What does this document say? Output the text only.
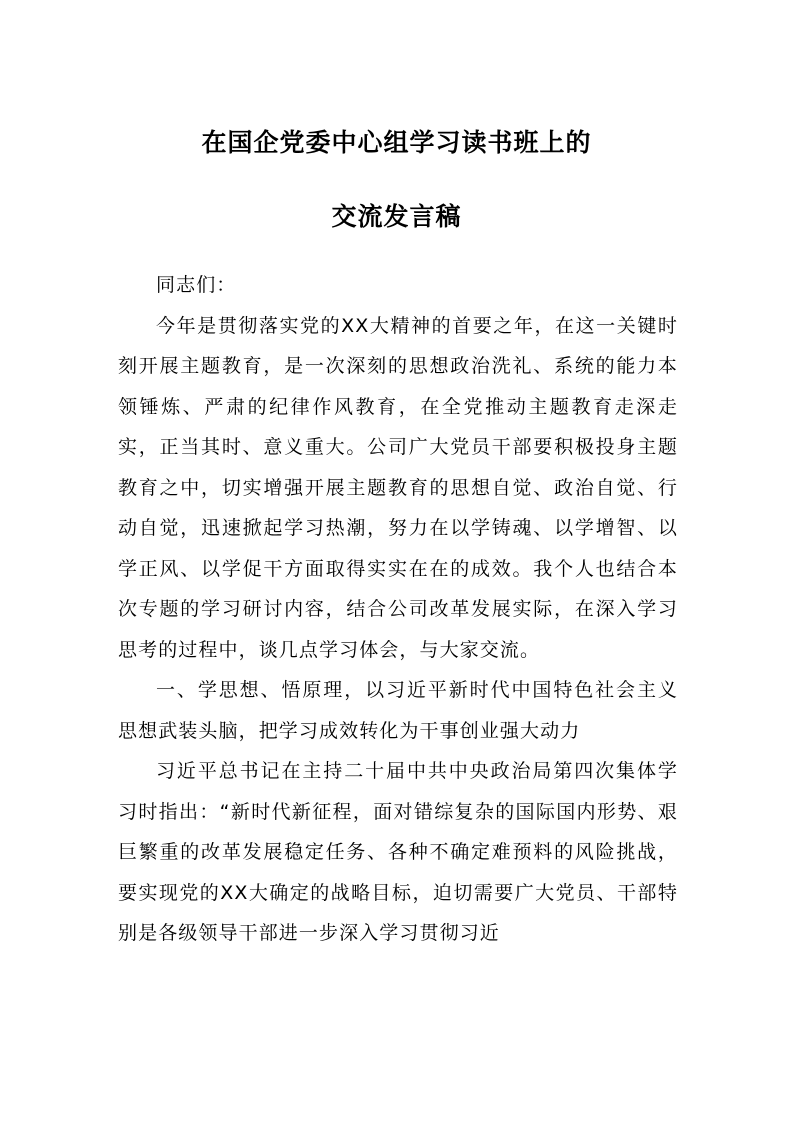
在国企党委中心组学习读书班上的
交流发言稿

同志们：

今年是贯彻落实党的XX大精神的首要之年，在这一关键时刻开展主题教育，是一次深刻的思想政治洗礼、系统的能力本领锤炼、严肃的纪律作风教育，在全党推动主题教育走深走实，正当其时、意义重大。公司广大党员干部要积极投身主题教育之中，切实增强开展主题教育的思想自觉、政治自觉、行动自觉，迅速掀起学习热潮，努力在以学铸魂、以学增智、以学正风、以学促干方面取得实实在在的成效。我个人也结合本次专题的学习研讨内容，结合公司改革发展实际，在深入学习思考的过程中，谈几点学习体会，与大家交流。

一、学思想、悟原理，以习近平新时代中国特色社会主义思想武装头脑，把学习成效转化为干事创业强大动力

习近平总书记在主持二十届中共中央政治局第四次集体学习时指出：“新时代新征程，面对错综复杂的国际国内形势、艰巨繁重的改革发展稳定任务、各种不确定难预料的风险挑战，要实现党的XX大确定的战略目标，迫切需要广大党员、干部特别是各级领导干部进一步深入学习贯彻习近
